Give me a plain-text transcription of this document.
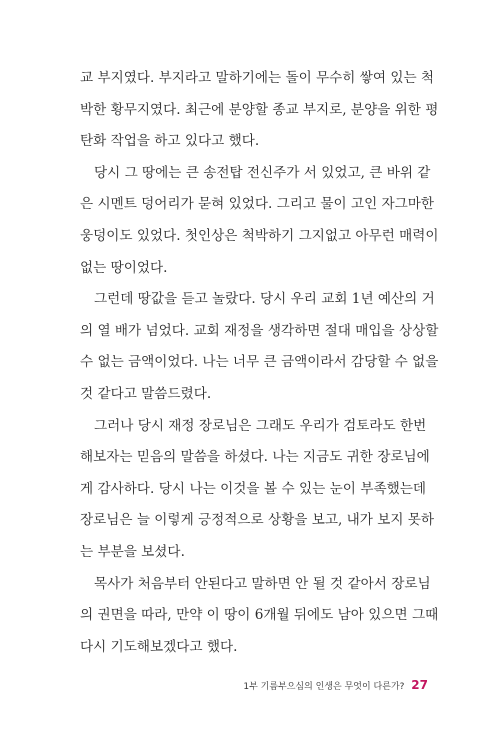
교 부지였다. 부지라고 말하기에는 돌이 무수히 쌓여 있는 척
박한 황무지였다. 최근에 분양할 종교 부지로, 분양을 위한 평
탄화 작업을 하고 있다고 했다.

당시 그 땅에는 큰 송전탑 전신주가 서 있었고, 큰 바위 같
은 시멘트 덩어리가 묻혀 있었다. 그리고 물이 고인 자그마한
웅덩이도 있었다. 첫인상은 척박하기 그지없고 아무런 매력이
없는 땅이었다.

그런데 땅값을 듣고 놀랐다. 당시 우리 교회 1년 예산의 거
의 열 배가 넘었다. 교회 재정을 생각하면 절대 매입을 상상할
수 없는 금액이었다. 나는 너무 큰 금액이라서 감당할 수 없을
것 같다고 말씀드렸다.

그러나 당시 재정 장로님은 그래도 우리가 검토라도 한번
해보자는 믿음의 말씀을 하셨다. 나는 지금도 귀한 장로님에
게 감사하다. 당시 나는 이것을 볼 수 있는 눈이 부족했는데
장로님은 늘 이렇게 긍정적으로 상황을 보고, 내가 보지 못하
는 부분을 보셨다.

목사가 처음부터 안된다고 말하면 안 될 것 같아서 장로님
의 권면을 따라, 만약 이 땅이 6개월 뒤에도 남아 있으면 그때
다시 기도해보겠다고 했다.

1부 기름부으심의 인생은 무엇이 다른가? 27
